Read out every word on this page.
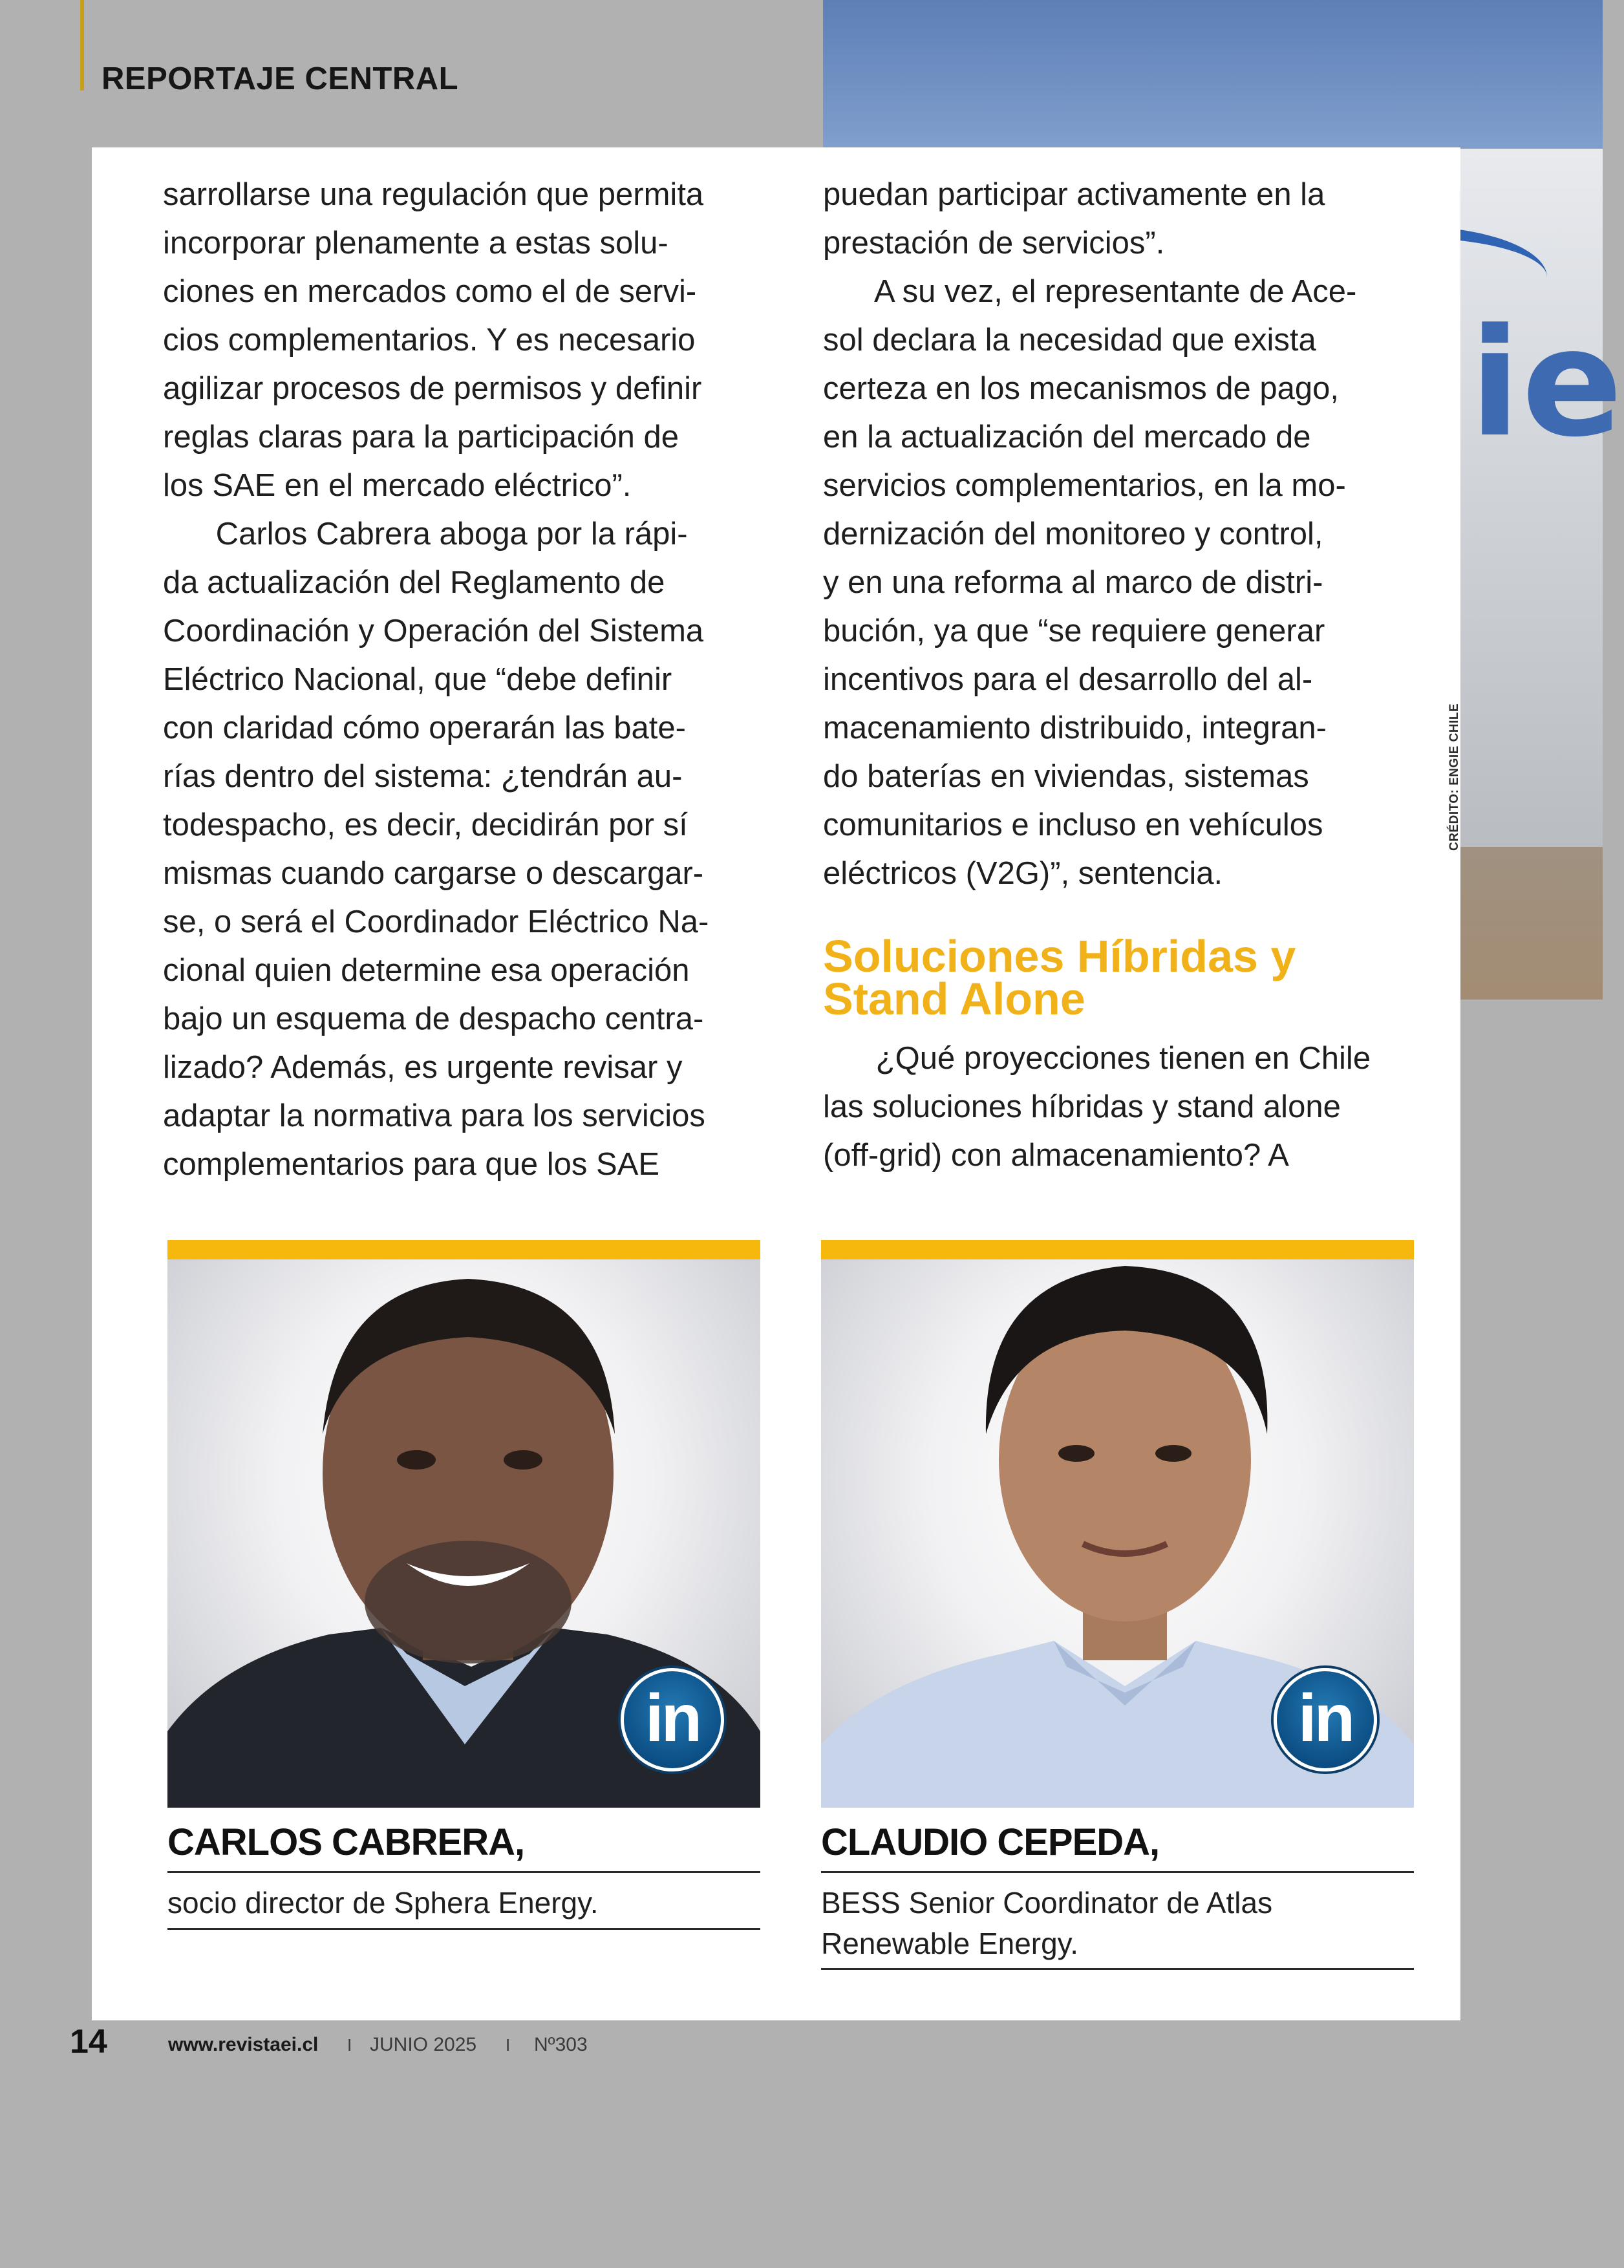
ie
REPORTAJE CENTRAL
CRÉDITO: ENGIE CHILE
sarrollarse una regulación que permita
incorporar plenamente a estas solu-
ciones en mercados como el de servi-
cios complementarios. Y es necesario
agilizar procesos de permisos y definir
reglas claras para la participación de
los SAE en el mercado eléctrico”.
Carlos Cabrera aboga por la rápi-
da actualización del Reglamento de
Coordinación y Operación del Sistema
Eléctrico Nacional, que “debe definir
con claridad cómo operarán las bate-
rías dentro del sistema: ¿tendrán au-
todespacho, es decir, decidirán por sí
mismas cuando cargarse o descargar-
se, o será el Coordinador Eléctrico Na-
cional quien determine esa operación
bajo un esquema de despacho centra-
lizado? Además, es urgente revisar y
adaptar la normativa para los servicios
complementarios para que los SAE
puedan participar activamente en la
prestación de servicios”.
A su vez, el representante de Ace-
sol declara la necesidad que exista
certeza en los mecanismos de pago,
en la actualización del mercado de
servicios complementarios, en la mo-
dernización del monitoreo y control,
y en una reforma al marco de distri-
bución, ya que “se requiere generar
incentivos para el desarrollo del al-
macenamiento distribuido, integran-
do baterías en viviendas, sistemas
comunitarios e incluso en vehículos
eléctricos (V2G)”, sentencia.
Soluciones Híbridas y
Stand Alone
¿Qué proyecciones tienen en Chile
las soluciones híbridas y stand alone
(off-grid) con almacenamiento? A
in
CARLOS CABRERA,
socio director de Sphera Energy.
in
CLAUDIO CEPEDA,
BESS Senior Coordinator de Atlas
Renewable Energy.
14	www.revistaei.cl I JUNIO 2025 I Nº303
